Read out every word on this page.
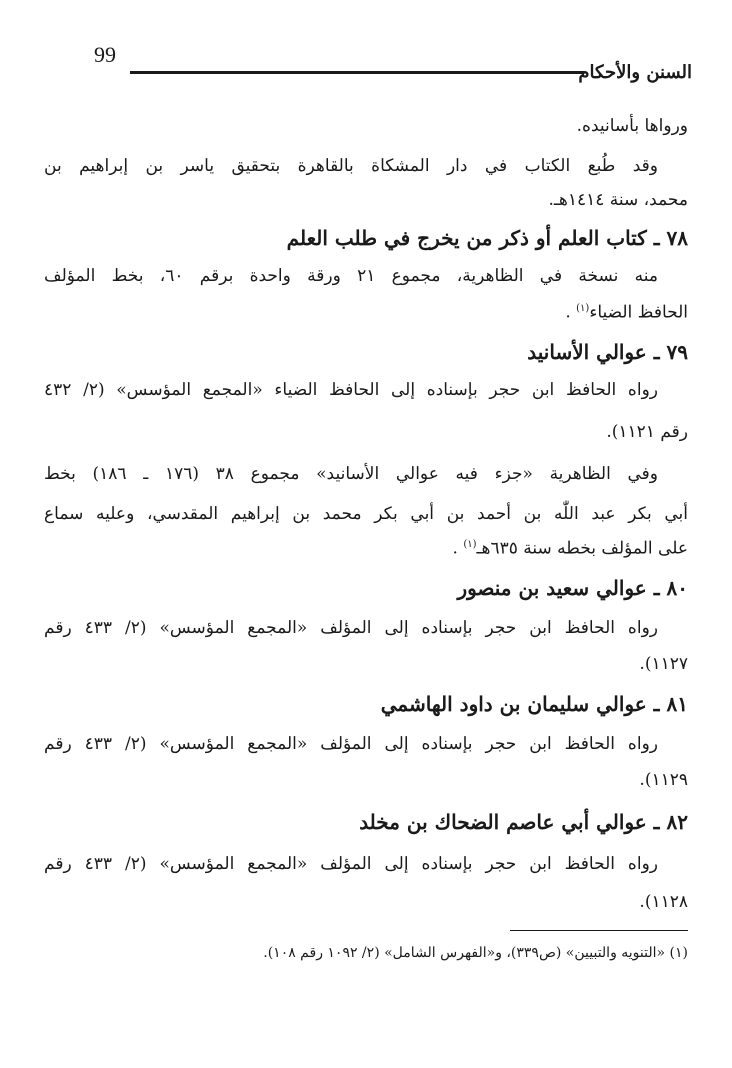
99
السنن والأحكام
ورواها بأسانيده.
وقد طُبع الكتاب في دار المشكاة بالقاهرة بتحقيق ياسر بن إبراهيم بن
محمد، سنة ١٤١٤هـ.
٧٨ ـ كتاب العلم أو ذكر من يخرج في طلب العلم
منه نسخة في الظاهرية، مجموع ٢١ ورقة واحدة برقم ٦٠، بخط المؤلف
الحافظ الضياء$^{(١)}$ .
٧٩ ـ عوالي الأسانيد
رواه الحافظ ابن حجر بإسناده إلى الحافظ الضياء «المجمع المؤسس» (٢/ ٤٣٢
رقم ١١٢١).
وفي الظاهرية «جزء فيه عوالي الأسانيد» مجموع ٣٨ (١٧٦ ـ ١٨٦) بخط
أبي بكر عبد اللّٰه بن أحمد بن أبي بكر محمد بن إبراهيم المقدسي، وعليه سماع
على المؤلف بخطه سنة ٦٣٥هـ$^{(١)}$ .
٨٠ ـ عوالي سعيد بن منصور
رواه الحافظ ابن حجر بإسناده إلى المؤلف «المجمع المؤسس» (٢/ ٤٣٣ رقم
١١٢٧).
٨١ ـ عوالي سليمان بن داود الهاشمي
رواه الحافظ ابن حجر بإسناده إلى المؤلف «المجمع المؤسس» (٢/ ٤٣٣ رقم
١١٢٩).
٨٢ ـ عوالي أبي عاصم الضحاك بن مخلد
رواه الحافظ ابن حجر بإسناده إلى المؤلف «المجمع المؤسس» (٢/ ٤٣٣ رقم
١١٢٨).
(١) «التنويه والتبيين» (ص٣٣٩)، و«الفهرس الشامل» (٢/ ١٠٩٢ رقم ١٠٨).
